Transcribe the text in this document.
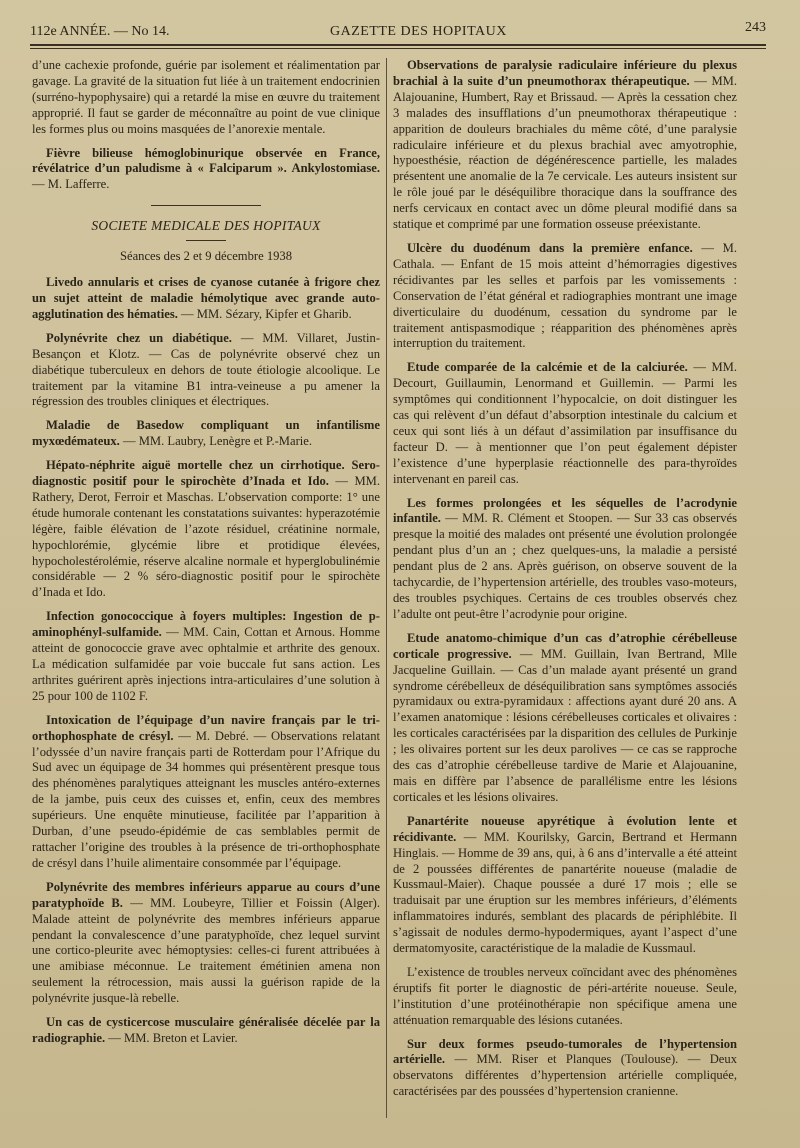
112e ANNÉE. — No 14.	GAZETTE DES HOPITAUX	243

d’une cachexie profonde, guérie par isolement et réalimentation par gavage. La gravité de la situation fut liée à un traitement endocrinien (surréno-hypophysaire) qui a retardé la mise en œuvre du traitement approprié. Il faut se garder de méconnaître au point de vue clinique les formes plus ou moins masquées de l’anorexie mentale.

Fièvre bilieuse hémoglobinurique observée en France, révélatrice d’un paludisme à « Falciparum ». Ankylostomiase. — M. Lafferre.

SOCIETE MEDICALE DES HOPITAUX
Séances des 2 et 9 décembre 1938

Livedo annularis et crises de cyanose cutanée à frigore chez un sujet atteint de maladie hémolytique avec grande auto-agglutination des hématies. — MM. Sézary, Kipfer et Gharib.

Polynévrite chez un diabétique. — MM. Villaret, Justin-Besançon et Klotz. — Cas de polynévrite observé chez un diabétique tuberculeux en dehors de toute étiologie alcoolique. Le traitement par la vitamine B1 intra-veineuse a pu amener la régression des troubles cliniques et électriques.

Maladie de Basedow compliquant un infantilisme myxœdémateux. — MM. Laubry, Lenègre et P.-Marie.

Hépato-néphrite aiguë mortelle chez un cirrhotique. Sero-diagnostic positif pour le spirochète d’Inada et Ido. — MM. Rathery, Derot, Ferroir et Maschas. L’observation comporte: 1° une étude humorale contenant les constatations suivantes: hyperazotémie légère, faible élévation de l’azote résiduel, créatinine normale, hypochlorémie, glycémie libre et protidique élevées, hypocholestérolémie, réserve alcaline normale et hyperglobulinémie considérable — 2 % séro-diagnostic positif pour le spirochète d’Inada et Ido.

Infection gonococcique à foyers multiples: Ingestion de p-aminophényl-sulfamide. — MM. Cain, Cottan et Arnous. Homme atteint de gonococcie grave avec ophtalmie et arthrite des genoux. La médication sulfamidée par voie buccale fut sans action. Les arthrites guérirent après injections intra-articulaires d’une solution à 25 pour 100 de 1102 F.

Intoxication de l’équipage d’un navire français par le tri-orthophosphate de crésyl. — M. Debré. — Observations relatant l’odyssée d’un navire français parti de Rotterdam pour l’Afrique du Sud avec un équipage de 34 hommes qui présentèrent presque tous des phénomènes paralytiques atteignant les muscles antéro-externes de la jambe, puis ceux des cuisses et, enfin, ceux des membres supérieurs. Une enquête minutieuse, facilitée par l’apparition à Durban, d’une pseudo-épidémie de cas semblables permit de rattacher l’origine des troubles à la présence de tri-orthophosphate de crésyl dans l’huile alimentaire consommée par l’équipage.

Polynévrite des membres inférieurs apparue au cours d’une paratyphoïde B. — MM. Loubeyre, Tillier et Foissin (Alger). Malade atteint de polynévrite des membres inférieurs apparue pendant la convalescence d’une paratyphoïde, chez lequel survint une cortico-pleurite avec hémoptysies: celles-ci furent attribuées à une amibiase méconnue. Le traitement émétinien amena non seulement la rétrocession, mais aussi la guérison rapide de la polynévrite jusque-là rebelle.

Un cas de cysticercose musculaire généralisée décelée par la radiographie. — MM. Breton et Lavier.

Observations de paralysie radiculaire inférieure du plexus brachial à la suite d’un pneumothorax thérapeutique. — MM. Alajouanine, Humbert, Ray et Brissaud. — Après la cessation chez 3 malades des insufflations d’un pneumothorax thérapeutique : apparition de douleurs brachiales du même côté, d’une paralysie radiculaire inférieure et du plexus brachial avec amyotrophie, hypoesthésie, réaction de dégénérescence partielle, les malades présentent une anomalie de la 7e cervicale. Les auteurs insistent sur le rôle joué par le déséquilibre thoracique dans la souffrance des nerfs cervicaux en contact avec un dôme pleural modifié dans sa statique et comprimé par une formation osseuse préexistante.

Ulcère du duodénum dans la première enfance. — M. Cathala. — Enfant de 15 mois atteint d’hémorragies digestives récidivantes par les selles et parfois par les vomissements : Conservation de l’état général et radiographies montrant une image diverticulaire du duodénum, cessation du syndrome par le traitement antispasmodique ; réapparition des phénomènes après interruption du traitement.

Etude comparée de la calcémie et de la calciurée. — MM. Decourt, Guillaumin, Lenormand et Guillemin. — Parmi les symptômes qui conditionnent l’hypocalcie, on doit distinguer les cas qui relèvent d’un défaut d’absorption intestinale du calcium et ceux qui sont liés à un défaut d’assimilation par insuffisance du facteur D. — à mentionner que l’on peut également dépister l’existence d’une hyperplasie réactionnelle des para-thyroïdes intervenant en pareil cas.

Les formes prolongées et les séquelles de l’acrodynie infantile. — MM. R. Clément et Stoopen. — Sur 33 cas observés presque la moitié des malades ont présenté une évolution prolongée pendant plus d’un an ; chez quelques-uns, la maladie a persisté pendant plus de 2 ans. Après guérison, on observe souvent de la tachycardie, de l’hypertension artérielle, des troubles vaso-moteurs, des troubles psychiques. Certains de ces troubles observés chez l’adulte ont peut-être l’acrodynie pour origine.

Etude anatomo-chimique d’un cas d’atrophie cérébelleuse corticale progressive. — MM. Guillain, Ivan Bertrand, Mlle Jacqueline Guillain. — Cas d’un malade ayant présenté un grand syndrome cérébelleux de déséquilibration sans symptômes associés pyramidaux ou extra-pyramidaux : affections ayant duré 20 ans. A l’examen anatomique : lésions cérébelleuses corticales et olivaires : les corticales caractérisées par la disparition des cellules de Purkinje ; les olivaires portent sur les deux parolives — ce cas se rapproche des cas d’atrophie cérébelleuse tardive de Marie et Alajouanine, mais en diffère par l’absence de parallélisme entre les lésions corticales et les lésions olivaires.

Panartérite noueuse apyrétique à évolution lente et récidivante. — MM. Kourilsky, Garcin, Bertrand et Hermann Hinglais. — Homme de 39 ans, qui, à 6 ans d’intervalle a été atteint de 2 poussées différentes de panartérite noueuse (maladie de Kussmaul-Maier). Chaque poussée a duré 17 mois ; elle se traduisait par une éruption sur les membres inférieurs, d’éléments inflammatoires indurés, semblant des placards de périphlébite. Il s’agissait de nodules dermo-hypodermiques, ayant l’aspect d’une dermatomyosite, caractéristique de la maladie de Kussmaul.

L’existence de troubles nerveux coïncidant avec des phénomènes éruptifs fit porter le diagnostic de péri-artérite noueuse. Seule, l’institution d’une protéinothérapie non spécifique amena une atténuation remarquable des lésions cutanées.

Sur deux formes pseudo-tumorales de l’hypertension artérielle. — MM. Riser et Planques (Toulouse). — Deux observatons différentes d’hypertension artérielle compliquée, caractérisées par des poussées d’hypertension cranienne.
